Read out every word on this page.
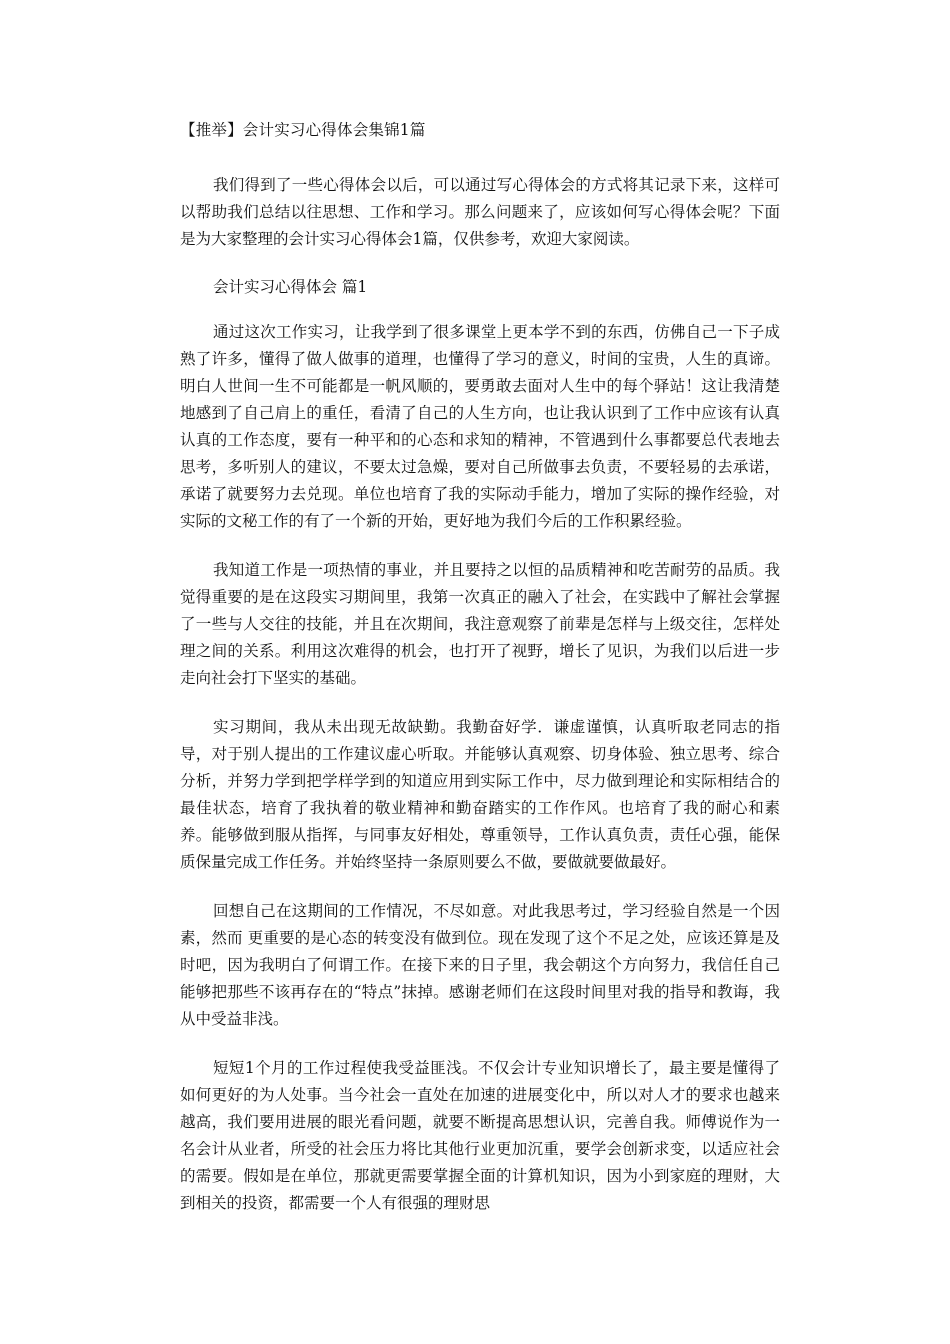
【推举】会计实习心得体会集锦1篇

我们得到了一些心得体会以后，可以通过写心得体会的方式将其记录下来，这样可以帮助我们总结以往思想、工作和学习。那么问题来了，应该如何写心得体会呢？下面是为大家整理的会计实习心得体会1篇，仅供参考，欢迎大家阅读。

会计实习心得体会 篇1

通过这次工作实习，让我学到了很多课堂上更本学不到的东西，仿佛自己一下子成熟了许多，懂得了做人做事的道理，也懂得了学习的意义，时间的宝贵，人生的真谛。明白人世间一生不可能都是一帆风顺的，要勇敢去面对人生中的每个驿站！这让我清楚地感到了自己肩上的重任，看清了自己的人生方向，也让我认识到了工作中应该有认真认真的工作态度，要有一种平和的心态和求知的精神，不管遇到什么事都要总代表地去思考，多听别人的建议，不要太过急燥，要对自己所做事去负责，不要轻易的去承诺，承诺了就要努力去兑现。单位也培育了我的实际动手能力，增加了实际的操作经验，对实际的文秘工作的有了一个新的开始，更好地为我们今后的工作积累经验。

我知道工作是一项热情的事业，并且要持之以恒的品质精神和吃苦耐劳的品质。我觉得重要的是在这段实习期间里，我第一次真正的融入了社会，在实践中了解社会掌握了一些与人交往的技能，并且在次期间，我注意观察了前辈是怎样与上级交往，怎样处理之间的关系。利用这次难得的机会，也打开了视野，增长了见识，为我们以后进一步走向社会打下坚实的基础。

实习期间，我从未出现无故缺勤。我勤奋好学．谦虚谨慎，认真听取老同志的指导，对于别人提出的工作建议虚心听取。并能够认真观察、切身体验、独立思考、综合分析，并努力学到把学样学到的知道应用到实际工作中，尽力做到理论和实际相结合的最佳状态，培育了我执着的敬业精神和勤奋踏实的工作作风。也培育了我的耐心和素养。能够做到服从指挥，与同事友好相处，尊重领导，工作认真负责，责任心强，能保质保量完成工作任务。并始终坚持一条原则要么不做，要做就要做最好。

回想自己在这期间的工作情况，不尽如意。对此我思考过，学习经验自然是一个因素，然而 更重要的是心态的转变没有做到位。现在发现了这个不足之处，应该还算是及时吧，因为我明白了何谓工作。在接下来的日子里，我会朝这个方向努力，我信任自己能够把那些不该再存在的“特点”抹掉。感谢老师们在这段时间里对我的指导和教诲，我从中受益非浅。

短短1个月的工作过程使我受益匪浅。不仅会计专业知识增长了，最主要是懂得了如何更好的为人处事。当今社会一直处在加速的进展变化中，所以对人才的要求也越来越高，我们要用进展的眼光看问题，就要不断提高思想认识，完善自我。师傅说作为一名会计从业者，所受的社会压力将比其他行业更加沉重，要学会创新求变，以适应社会的需要。假如是在单位，那就更需要掌握全面的计算机知识，因为小到家庭的理财，大到相关的投资，都需要一个人有很强的理财思
